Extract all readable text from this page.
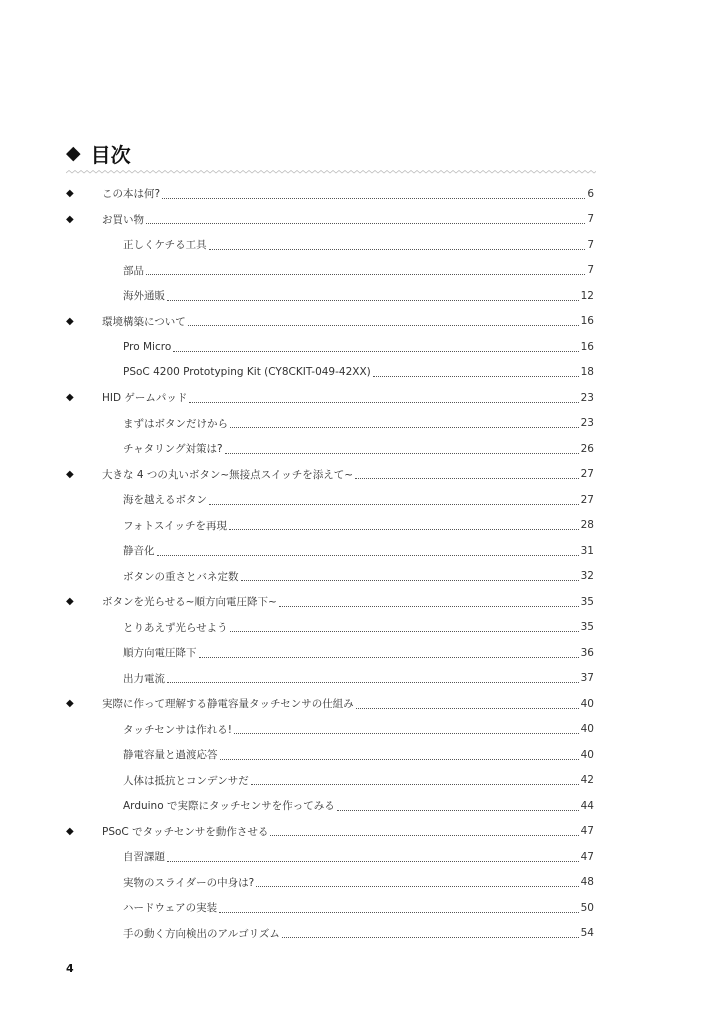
◆ 目次
◆	この本は何?	6
◆	お買い物	7
正しくケチる工具	7
部品	7
海外通販	12
◆	環境構築について	16
Pro Micro	16
PSoC 4200 Prototyping Kit (CY8CKIT-049-42XX)	18
◆	HID ゲームパッド	23
まずはボタンだけから	23
チャタリング対策は?	26
◆	大きな 4 つの丸いボタン~無接点スイッチを添えて~	27
海を越えるボタン	27
フォトスイッチを再現	28
静音化	31
ボタンの重さとバネ定数	32
◆	ボタンを光らせる~順方向電圧降下~	35
とりあえず光らせよう	35
順方向電圧降下	36
出力電流	37
◆	実際に作って理解する静電容量タッチセンサの仕組み	40
タッチセンサは作れる!	40
静電容量と過渡応答	40
人体は抵抗とコンデンサだ	42
Arduino で実際にタッチセンサを作ってみる	44
◆	PSoC でタッチセンサを動作させる	47
自習課題	47
実物のスライダーの中身は?	48
ハードウェアの実装	50
手の動く方向検出のアルゴリズム	54
4
